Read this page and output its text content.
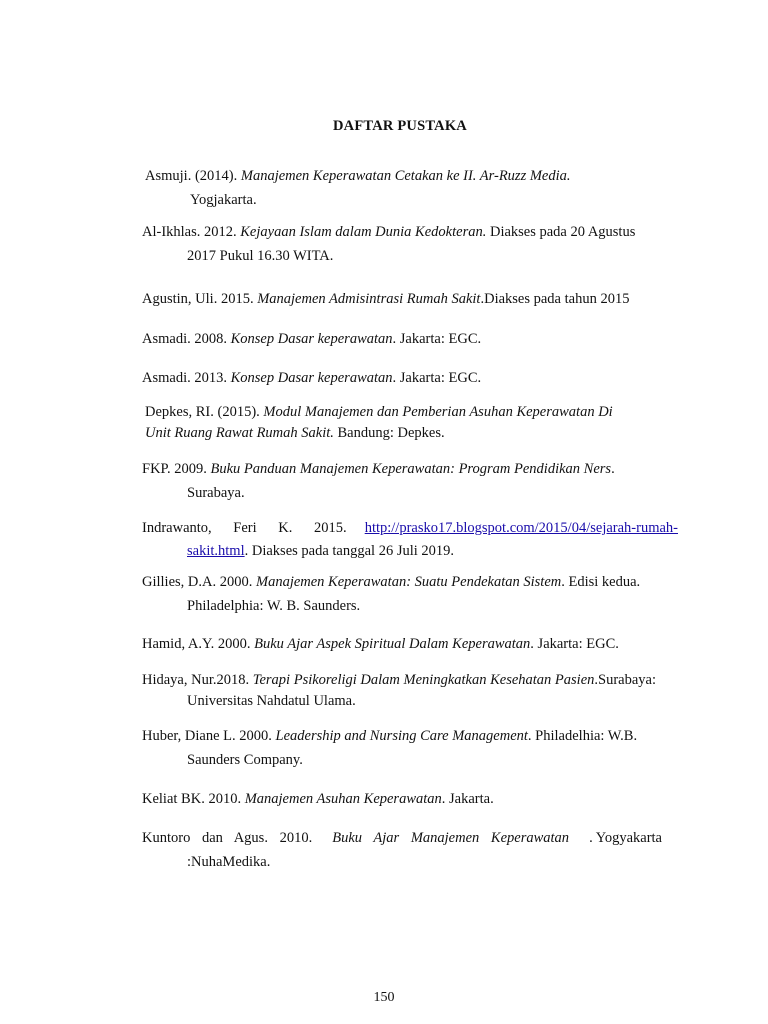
DAFTAR PUSTAKA
Asmuji. (2014). Manajemen Keperawatan Cetakan ke II. Ar-Ruzz Media.
Yogjakarta.
Al-Ikhlas. 2012. Kejayaan Islam dalam Dunia Kedokteran. Diakses pada 20 Agustus
2017 Pukul 16.30 WITA.
Agustin, Uli. 2015. Manajemen Admisintrasi Rumah Sakit.Diakses pada tahun 2015
Asmadi. 2008. Konsep Dasar keperawatan. Jakarta: EGC.
Asmadi. 2013. Konsep Dasar keperawatan. Jakarta: EGC.
Depkes, RI. (2015). Modul Manajemen dan Pemberian Asuhan Keperawatan Di
Unit Ruang Rawat Rumah Sakit. Bandung: Depkes.
FKP. 2009. Buku Panduan Manajemen Keperawatan: Program Pendidikan Ners.
Surabaya.
Indrawanto, Feri K. 2015. http://prasko17.blogspot.com/2015/04/sejarah-rumah-
sakit.html. Diakses pada tanggal 26 Juli 2019.
Gillies, D.A. 2000. Manajemen Keperawatan: Suatu Pendekatan Sistem. Edisi kedua.
Philadelphia: W. B. Saunders.
Hamid, A.Y. 2000. Buku Ajar Aspek Spiritual Dalam Keperawatan. Jakarta: EGC.
Hidaya, Nur.2018. Terapi Psikoreligi Dalam Meningkatkan Kesehatan Pasien.Surabaya:
Universitas Nahdatul Ulama.
Huber, Diane L. 2000. Leadership and Nursing Care Management. Philadelhia: W.B.
Saunders Company.
Keliat BK. 2010. Manajemen Asuhan Keperawatan. Jakarta.
Kuntoro dan Agus. 2010. Buku Ajar Manajemen Keperawatan . Yogyakarta
:NuhaMedika.
150
